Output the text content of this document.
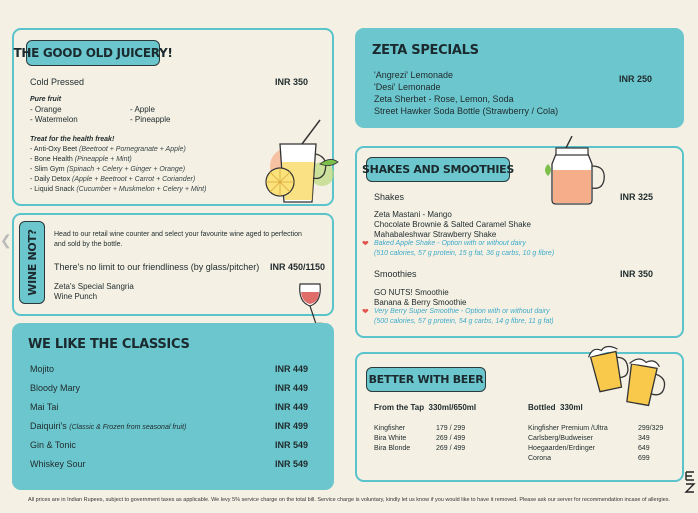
THE GOOD OLD JUICERY!
Cold Pressed	INR 350
Pure fruit
- Orange
- Watermelon
- Apple
- Pineapple
Treat for the health freak!
- Anti-Oxy Beet
(Beetroot + Pomegranate + Apple)
- Bone Health
(Pineapple + Mint)
- Slim Gym
(Spinach + Celery + Ginger + Orange)
- Daily Detox
(Apple + Beetroot + Carrot + Coriander)
- Liquid Snack
(Cucumber + Muskmelon + Celery + Mint)
WINE NOT? Head to our retail wine counter and select your favourite wine aged to perfection
and sold by the bottle.
There's no limit to our friendliness (by glass/pitcher) INR 450/1150
Zeta's Special Sangria
Wine Punch
❮
WE LIKE THE CLASSICS
Mojito	INR 449
Bloody Mary	INR 449
Mai Tai	INR 449
Daiquiri's
(Classic & Frozen from seasonal fruit)	INR 499
Gin & Tonic	INR 549
Whiskey Sour	INR 549
ZETA SPECIALS
'Angrezi' Lemonade
'Desi' Lemonade
Zeta Sherbet - Rose, Lemon, Soda
Street Hawker Soda Bottle (Strawberry / Cola)
INR 250
SHAKES AND SMOOTHIES
Shakes	INR 325
Zeta Mastani - Mango
Chocolate Brownie & Salted Caramel Shake
Mahabaleshwar Strawberry Shake
❤ Baked Apple Shake - Option with or without dairy
(510 calories, 57 g protein, 15 g fat, 36 g carbs, 10 g fibre)
Smoothies	INR 350
GO NUTS! Smoothie
Banana & Berry Smoothie
❤ Very Berry Super Smoothie - Option with or without dairy
(500 calories, 57 g protein, 54 g carbs, 14 g fibre, 11 g fat)
BETTER WITH BEER
From the Tap
330ml/650ml
Kingfisher	179 / 299
Bira White	269 / 499
Bira Blonde	269 / 499
Bottled
330ml
Kingfisher Premium /Ultra	299/329
Carlsberg/Budweiser	349
Hoegaarden/Erdinger	649
Corona	699
All prices are in Indian Rupees, subject to government taxes as applicable. We levy 5% service charge on the total bill. Service charge is voluntary, kindly let us know if you would like to have it removed. Please ask our server for recommendation incase of allergies.
